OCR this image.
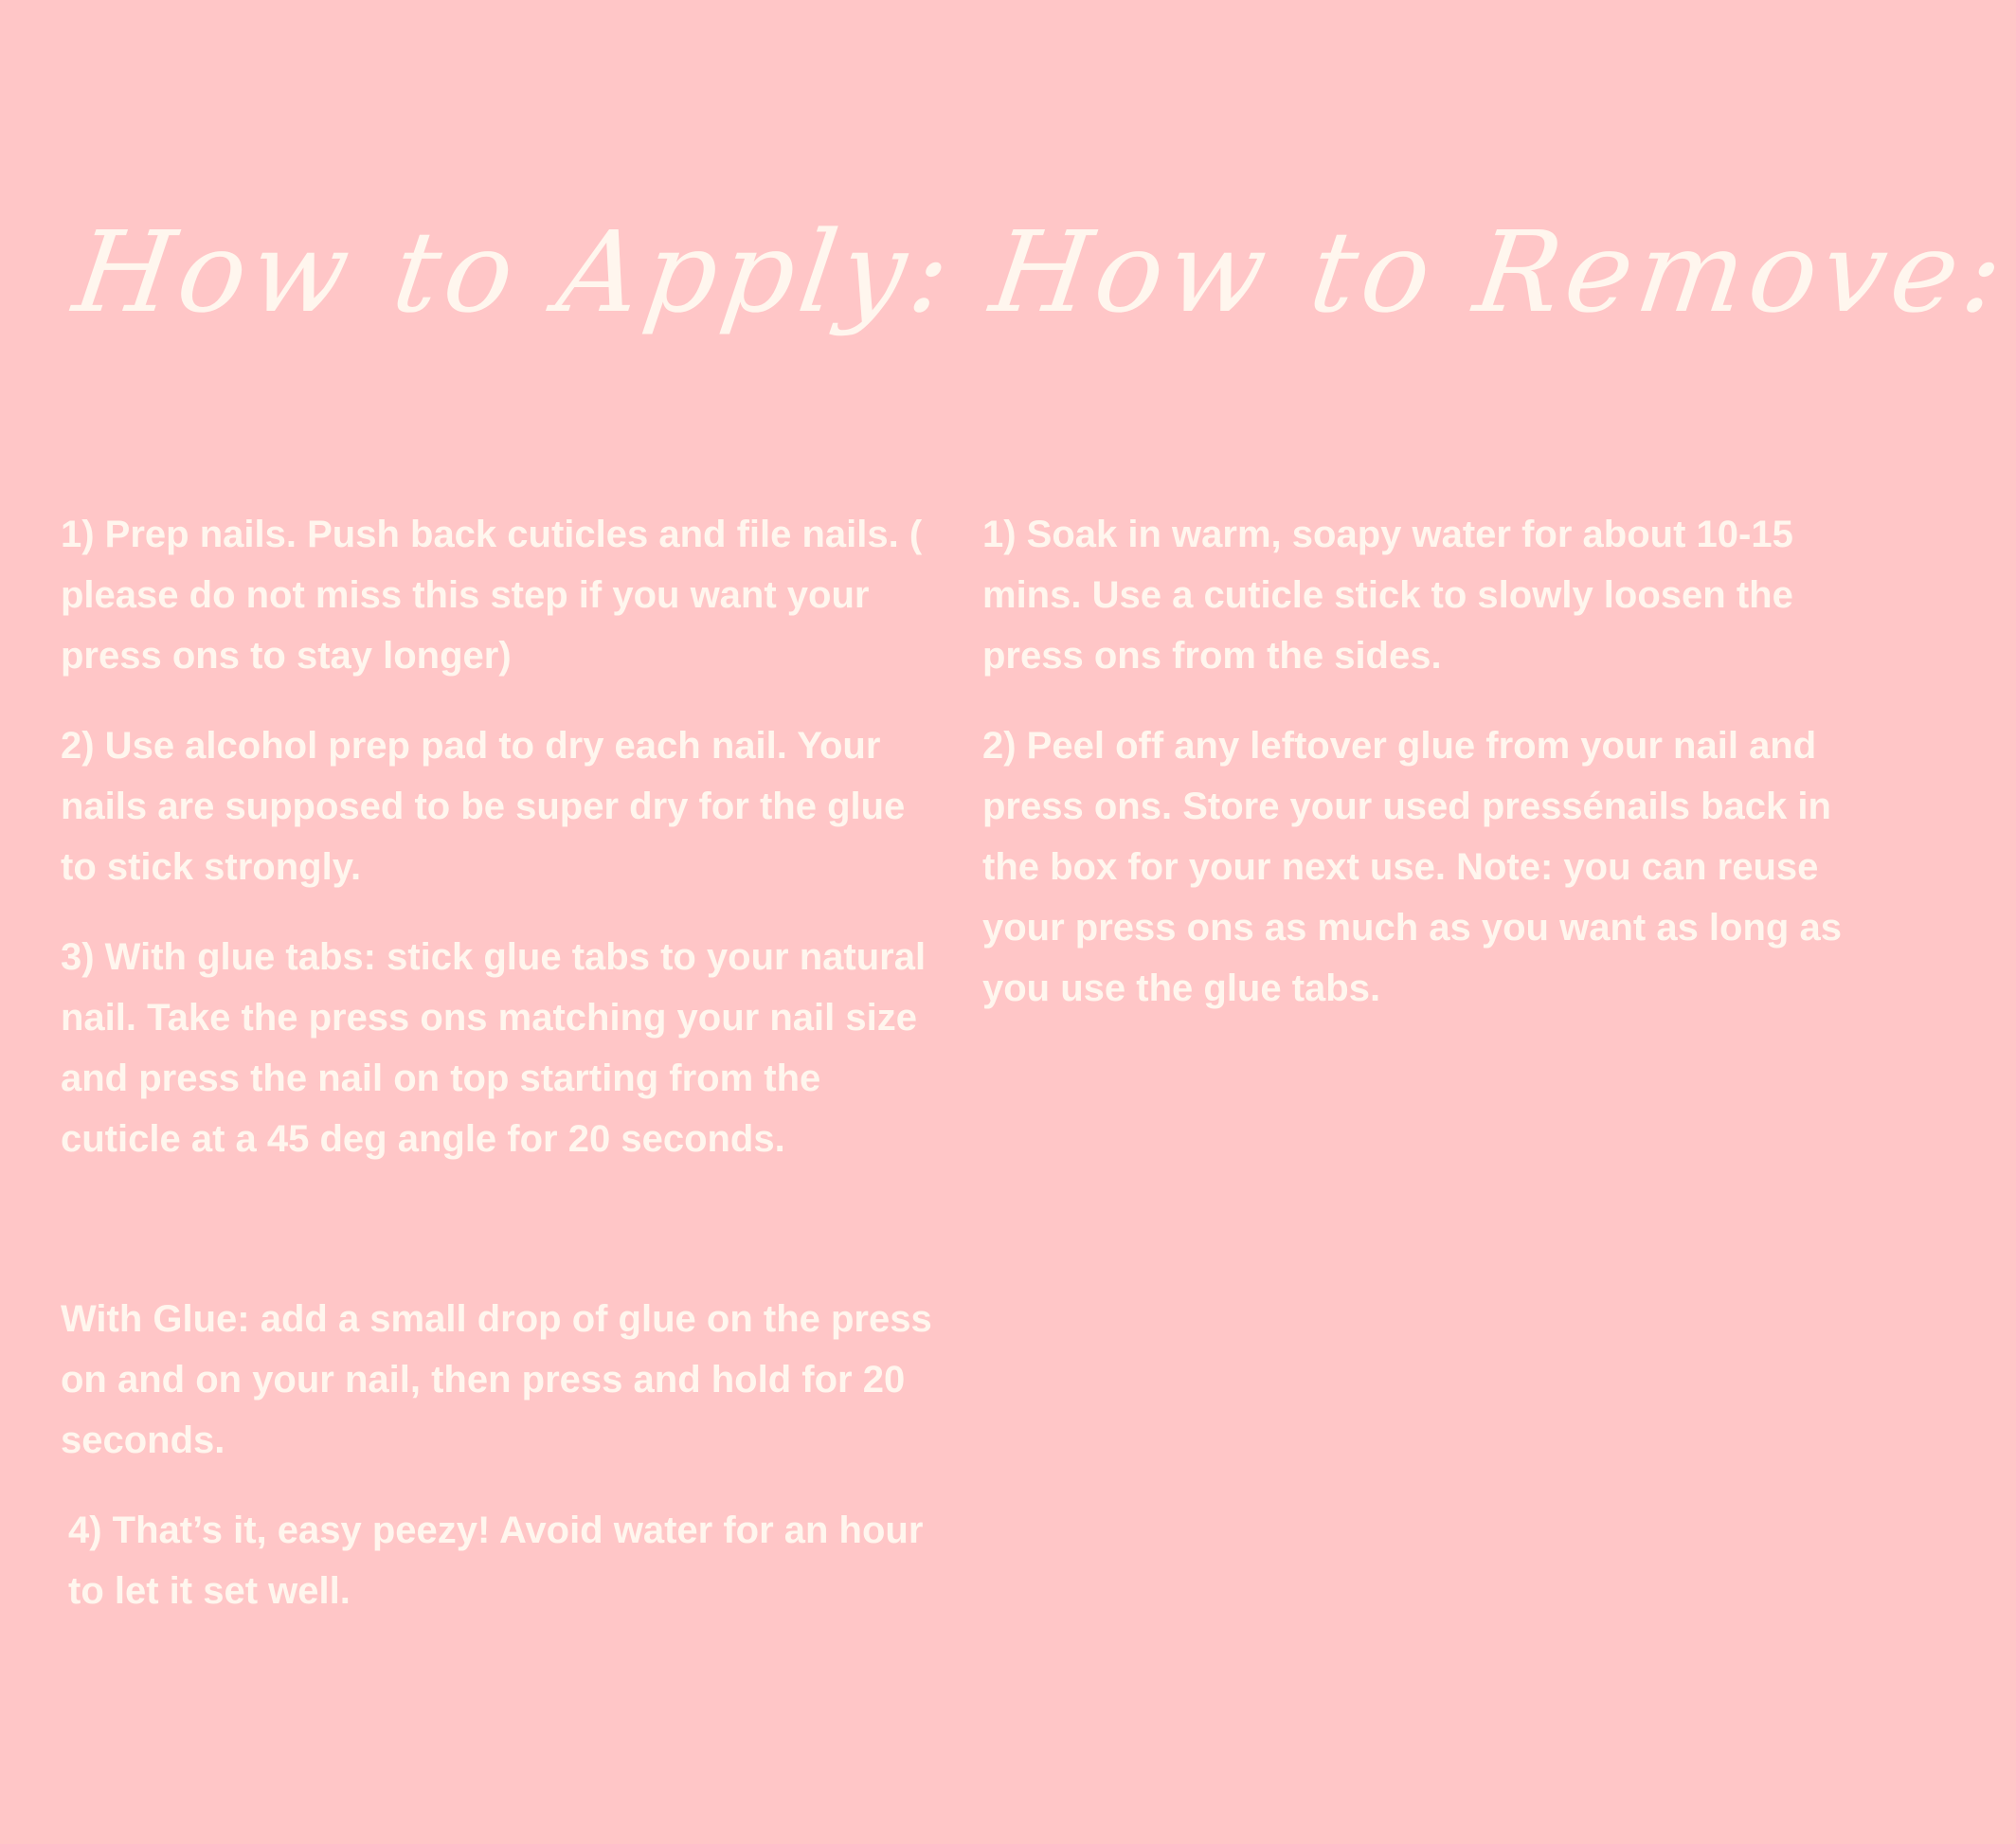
How to Apply: How to Remove:

1) Prep nails. Push back cuticles and file nails. ( please do not miss this step if you want your press ons to stay longer)

2) Use alcohol prep pad to dry each nail. Your nails are supposed to be super dry for the glue to stick strongly.

3) With glue tabs: stick glue tabs to your natural nail. Take the press ons matching your nail size and press the nail on top starting from the cuticle at a 45 deg angle for 20 seconds.

With Glue: add a small drop of glue on the press on and on your nail, then press and hold for 20 seconds.

4) That’s it, easy peezy! Avoid water for an hour to let it set well.

1) Soak in warm, soapy water for about 10-15 mins. Use a cuticle stick to slowly loosen the press ons from the sides.

2) Peel off any leftover glue from your nail and press ons. Store your used pressénails back in the box for your next use. Note: you can reuse your press ons as much as you want as long as you use the glue tabs.
